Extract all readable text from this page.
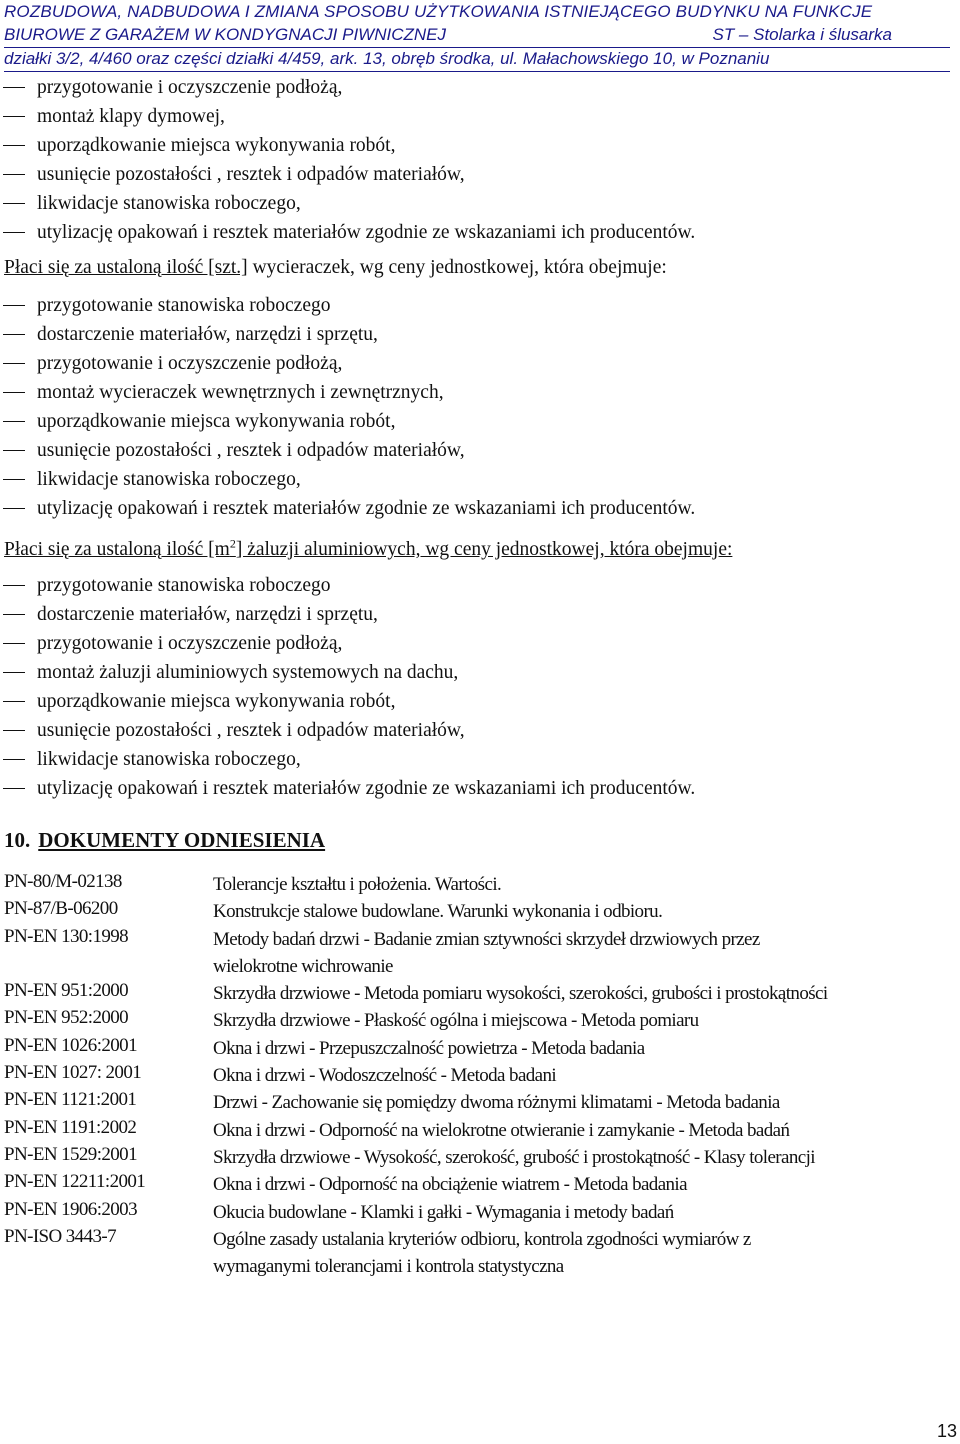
ROZBUDOWA, NADBUDOWA I ZMIANA SPOSOBU UŻYTKOWANIA ISTNIEJĄCEGO BUDYNKU NA FUNKCJE
BIUROWE Z GARAŻEM W KONDYGNACJI PIWNICZNEJ	ST – Stolarka i ślusarka
działki 3/2, 4/460 oraz części działki 4/459, ark. 13, obręb środka, ul. Małachowskiego 10, w Poznaniu
przygotowanie i oczyszczenie podłożą,
montaż klapy dymowej,
uporządkowanie miejsca wykonywania robót,
usunięcie pozostałości , resztek i odpadów materiałów,
likwidacje stanowiska roboczego,
utylizację opakowań i resztek materiałów zgodnie ze wskazaniami ich producentów.
Płaci się za ustaloną ilość [szt.] wycieraczek, wg ceny jednostkowej, która obejmuje:
przygotowanie stanowiska roboczego
dostarczenie materiałów, narzędzi i sprzętu,
przygotowanie i oczyszczenie podłożą,
montaż wycieraczek wewnętrznych i zewnętrznych,
uporządkowanie miejsca wykonywania robót,
usunięcie pozostałości , resztek i odpadów materiałów,
likwidacje stanowiska roboczego,
utylizację opakowań i resztek materiałów zgodnie ze wskazaniami ich producentów.
Płaci się za ustaloną ilość $[m^2]$ żaluzji aluminiowych, wg ceny jednostkowej, która obejmuje:
przygotowanie stanowiska roboczego
dostarczenie materiałów, narzędzi i sprzętu,
przygotowanie i oczyszczenie podłożą,
montaż żaluzji aluminiowych systemowych na dachu,
uporządkowanie miejsca wykonywania robót,
usunięcie pozostałości , resztek i odpadów materiałów,
likwidacje stanowiska roboczego,
utylizację opakowań i resztek materiałów zgodnie ze wskazaniami ich producentów.
10. DOKUMENTY ODNIESIENIA
PN-80/M-02138	Tolerancje kształtu i położenia. Wartości.
PN-87/B-06200	Konstrukcje stalowe budowlane. Warunki wykonania i odbioru.
PN-EN 130:1998	Metody badań drzwi - Badanie zmian sztywności skrzydeł drzwiowych przez wielokrotne wichrowanie
PN-EN 951:2000	Skrzydła drzwiowe - Metoda pomiaru wysokości, szerokości, grubości i prostokątności
PN-EN 952:2000	Skrzydła drzwiowe - Płaskość ogólna i miejscowa - Metoda pomiaru
PN-EN 1026:2001	Okna i drzwi - Przepuszczalność powietrza - Metoda badania
PN-EN 1027: 2001	Okna i drzwi - Wodoszczelność - Metoda badani
PN-EN 1121:2001	Drzwi - Zachowanie się pomiędzy dwoma różnymi klimatami - Metoda badania
PN-EN 1191:2002	Okna i drzwi - Odporność na wielokrotne otwieranie i zamykanie - Metoda badań
PN-EN 1529:2001	Skrzydła drzwiowe - Wysokość, szerokość, grubość i prostokątność - Klasy tolerancji
PN-EN 12211:2001	Okna i drzwi - Odporność na obciążenie wiatrem - Metoda badania
PN-EN 1906:2003	Okucia budowlane - Klamki i gałki - Wymagania i metody badań
PN-ISO 3443-7	Ogólne zasady ustalania kryteriów odbioru, kontrola zgodności wymiarów z wymaganymi tolerancjami i kontrola statystyczna
13
